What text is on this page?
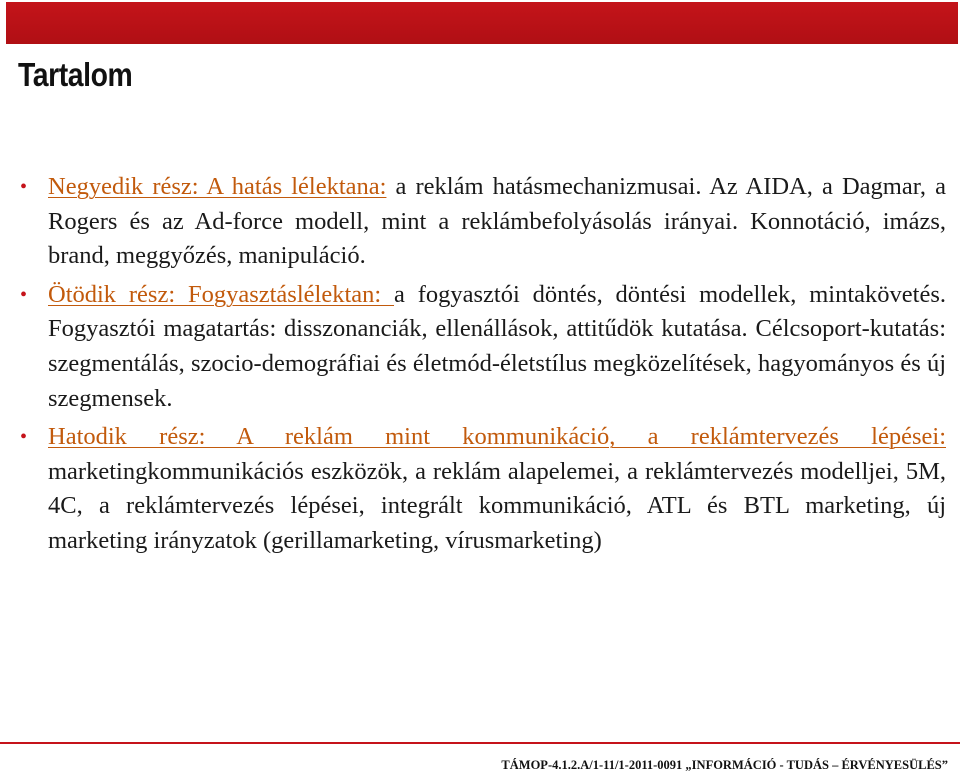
Tartalom
• Negyedik rész: A hatás lélektana: a reklám hatásmechanizmusai. Az AIDA, a Dagmar, a Rogers és az Ad-force modell, mint a reklámbefolyásolás irányai. Konnotáció, imázs, brand, meggyőzés, manipuláció.
• Ötödik rész: Fogyasztáslélektan: a fogyasztói döntés, döntési modellek, mintakövetés. Fogyasztói magatartás: disszonanciák, ellenállások, attitűdök kutatása. Célcsoport-kutatás: szegmentálás, szocio-demográfiai és életmód-életstílus megközelítések, hagyományos és új szegmensek.
• Hatodik rész: A reklám mint kommunikáció, a reklámtervezés lépései: marketingkommunikációs eszközök, a reklám alapelemei, a reklámtervezés modelljei, 5M, 4C, a reklámtervezés lépései, integrált kommunikáció, ATL és BTL marketing, új marketing irányzatok (gerillamarketing, vírusmarketing)
TÁMOP-4.1.2.A/1-11/1-2011-0091 „INFORMÁCIÓ - TUDÁS – ÉRVÉNYESÜLÉS”
